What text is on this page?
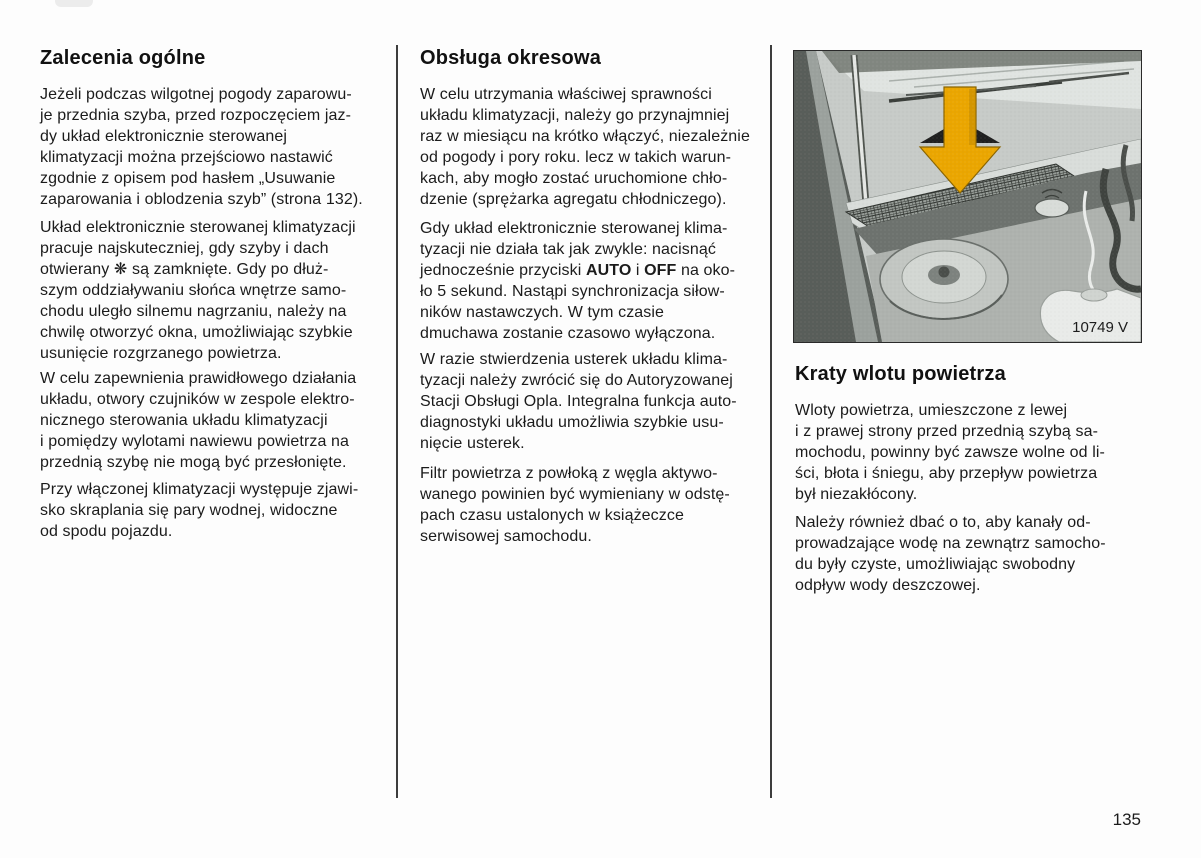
Zalecenia ogólne

Jeżeli podczas wilgotnej pogody zaparowu-
je przednia szyba, przed rozpoczęciem jaz-
dy układ elektronicznie sterowanej
klimatyzacji można przejściowo nastawić
zgodnie z opisem pod hasłem „Usuwanie
zaparowania i oblodzenia szyb” (strona 132).

Układ elektronicznie sterowanej klimatyzacji
pracuje najskuteczniej, gdy szyby i dach
otwierany ❋ są zamknięte. Gdy po dłuż-
szym oddziaływaniu słońca wnętrze samo-
chodu uległo silnemu nagrzaniu, należy na
chwilę otworzyć okna, umożliwiając szybkie
usunięcie rozgrzanego powietrza.

W celu zapewnienia prawidłowego działania
układu, otwory czujników w zespole elektro-
nicznego sterowania układu klimatyzacji
i pomiędzy wylotami nawiewu powietrza na
przednią szybę nie mogą być przesłonięte.

Przy włączonej klimatyzacji występuje zjawi-
sko skraplania się pary wodnej, widoczne
od spodu pojazdu.

Obsługa okresowa

W celu utrzymania właściwej sprawności
układu klimatyzacji, należy go przynajmniej
raz w miesiącu na krótko włączyć, niezależnie
od pogody i pory roku. lecz w takich warun-
kach, aby mogło zostać uruchomione chło-
dzenie (sprężarka agregatu chłodniczego).

Gdy układ elektronicznie sterowanej klima-
tyzacji nie działa tak jak zwykle: nacisnąć
jednocześnie przyciski AUTO i OFF na oko-
ło 5 sekund. Nastąpi synchronizacja siłow-
ników nastawczych. W tym czasie
dmuchawa zostanie czasowo wyłączona.

W razie stwierdzenia usterek układu klima-
tyzacji należy zwrócić się do Autoryzowanej
Stacji Obsługi Opla. Integralna funkcja auto-
diagnostyki układu umożliwia szybkie usu-
nięcie usterek.

Filtr powietrza z powłoką z węgla aktywo-
wanego powinien być wymieniany w odstę-
pach czasu ustalonych w książeczce
serwisowej samochodu.

10749 V
Kraty wlotu powietrza

Wloty powietrza, umieszczone z lewej
i z prawej strony przed przednią szybą sa-
mochodu, powinny być zawsze wolne od li-
ści, błota i śniegu, aby przepływ powietrza
był niezakłócony.

Należy również dbać o to, aby kanały od-
prowadzające wodę na zewnątrz samocho-
du były czyste, umożliwiając swobodny
odpływ wody deszczowej.

135
